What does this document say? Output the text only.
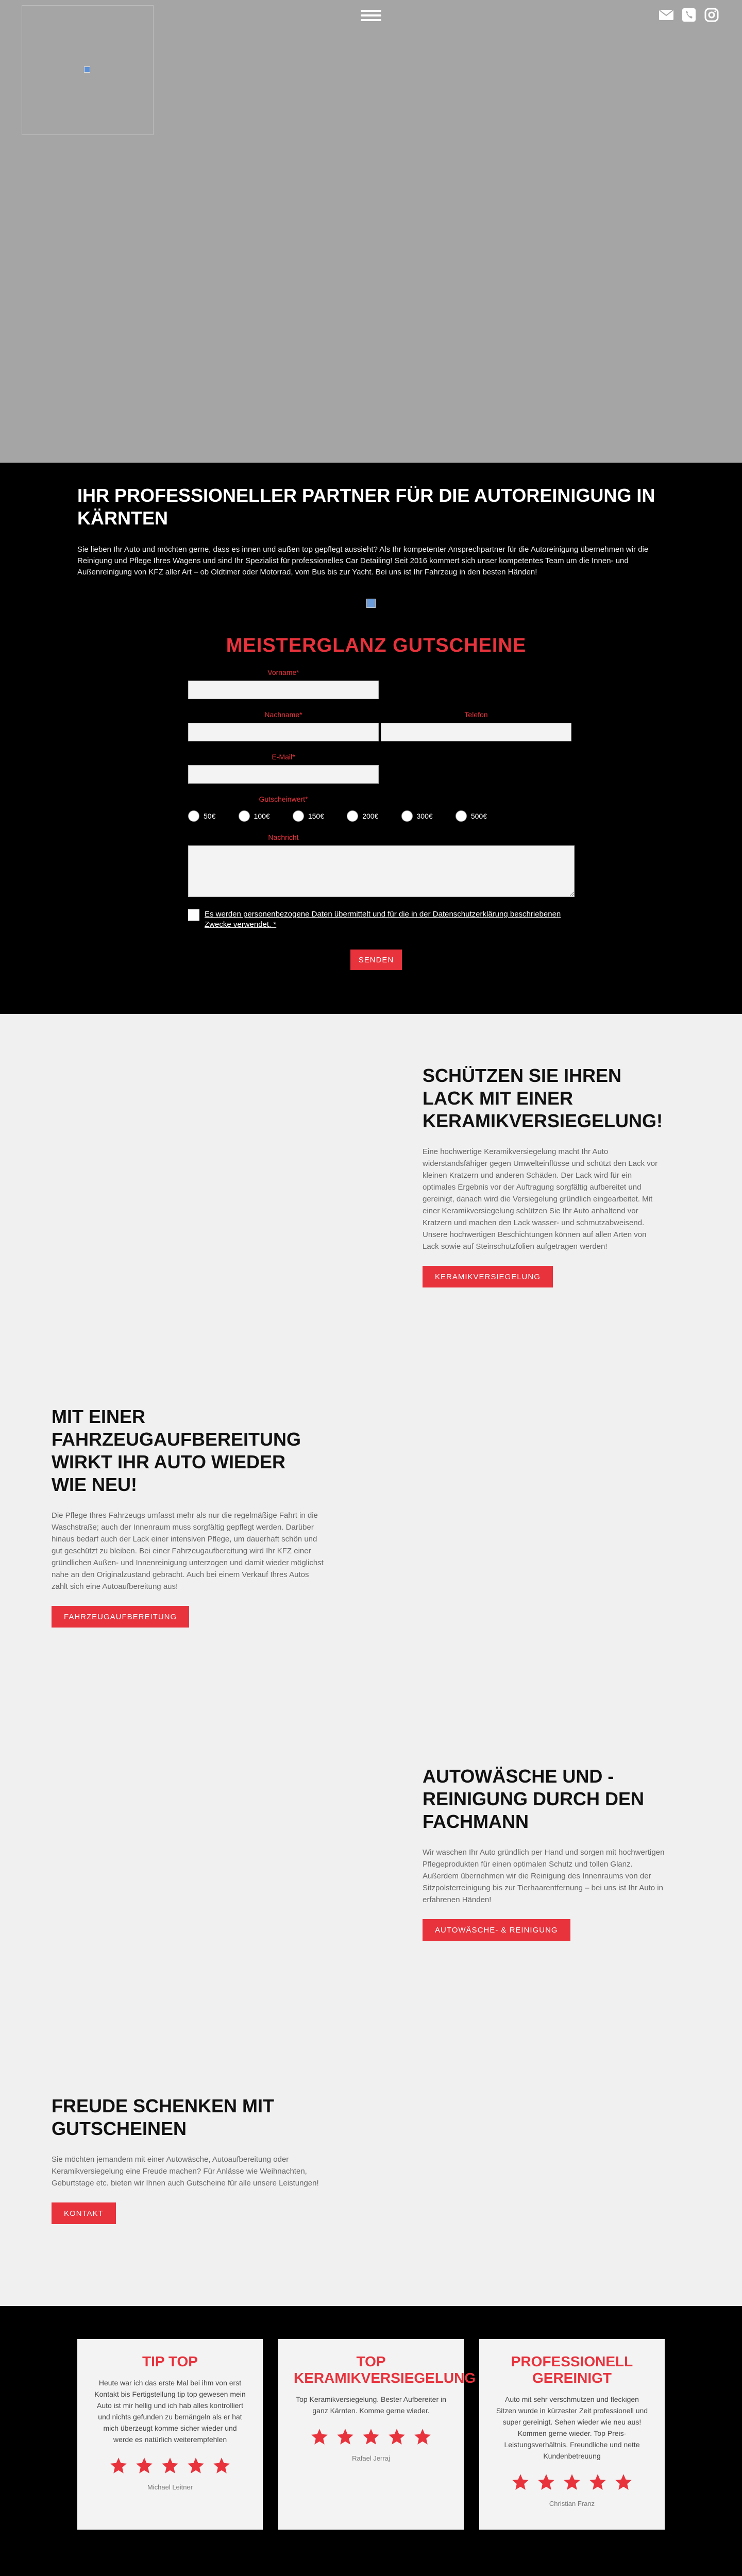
IHR PROFESSIONELLER PARTNER FÜR DIE AUTOREINIGUNG IN KÄRNTEN

Sie lieben Ihr Auto und möchten gerne, dass es innen und außen top gepflegt aussieht? Als Ihr kompetenter Ansprechpartner für die Autoreinigung übernehmen wir die Reinigung und Pflege Ihres Wagens und sind Ihr Spezialist für professionelles Car Detailing! Seit 2016 kommert sich unser kompetentes Team um die Innen- und Außenreinigung von KFZ aller Art – ob Oldtimer oder Motorrad, vom Bus bis zur Yacht. Bei uns ist Ihr Fahrzeug in den besten Händen!

MEISTERGLANZ GUTSCHEINE
Vorname*
Nachname*	Telefon
E-Mail*
Gutscheinwert*
50€	100€	150€	200€	300€	500€
Nachricht
Es werden personenbezogene Daten übermittelt und für die in der Datenschutzerklärung beschriebenen Zwecke verwendet. *
SENDEN
SCHÜTZEN SIE IHREN LACK MIT EINER KERAMIKVERSIEGELUNG!

Eine hochwertige Keramikversiegelung macht Ihr Auto widerstandsfähiger gegen Umwelteinflüsse und schützt den Lack vor kleinen Kratzern und anderen Schäden. Der Lack wird für ein optimales Ergebnis vor der Auftragung sorgfältig aufbereitet und gereinigt, danach wird die Versiegelung gründlich eingearbeitet. Mit einer Keramikversiegelung schützen Sie Ihr Auto anhaltend vor Kratzern und machen den Lack wasser- und schmutzabweisend. Unsere hochwertigen Beschichtungen können auf allen Arten von Lack sowie auf Steinschutzfolien aufgetragen werden!

KERAMIKVERSIEGELUNG
MIT EINER FAHRZEUGAUFBEREITUNG WIRKT IHR AUTO WIEDER WIE NEU!

Die Pflege Ihres Fahrzeugs umfasst mehr als nur die regelmäßige Fahrt in die Waschstraße; auch der Innenraum muss sorgfältig gepflegt werden. Darüber hinaus bedarf auch der Lack einer intensiven Pflege, um dauerhaft schön und gut geschützt zu bleiben. Bei einer Fahrzeugaufbereitung wird Ihr KFZ einer gründlichen Außen- und Innenreinigung unterzogen und damit wieder möglichst nahe an den Originalzustand gebracht. Auch bei einem Verkauf Ihres Autos zahlt sich eine Autoaufbereitung aus!

FAHRZEUGAUFBEREITUNG
AUTOWÄSCHE UND -REINIGUNG DURCH DEN FACHMANN

Wir waschen Ihr Auto gründlich per Hand und sorgen mit hochwertigen Pflegeprodukten für einen optimalen Schutz und tollen Glanz. Außerdem übernehmen wir die Reinigung des Innenraums von der Sitzpolsterreinigung bis zur Tierhaarentfernung – bei uns ist Ihr Auto in erfahrenen Händen!

AUTOWÄSCHE- & REINIGUNG
FREUDE SCHENKEN MIT GUTSCHEINEN

Sie möchten jemandem mit einer Autowäsche, Autoaufbereitung oder Keramikversiegelung eine Freude machen? Für Anlässe wie Weihnachten, Geburtstage etc. bieten wir Ihnen auch Gutscheine für alle unsere Leistungen!

KONTAKT
TIP TOP

Heute war ich das erste Mal bei ihm von erst Kontakt bis Fertigstellung tip top gewesen mein Auto ist mir hellig und ich hab alles kontrolliert und nichts gefunden zu bemängeln als er hat mich überzeugt komme sicher wieder und werde es natürlich weiterempfehlen

Michael Leitner
TOP KERAMIKVERSIEGELUNG

Top Keramikversiegelung. Bester Aufbereiter in ganz Kärnten. Komme gerne wieder.

Rafael Jerraj
PROFESSIONELL GEREINIGT

Auto mit sehr verschmutzen und fleckigen Sitzen wurde in kürzester Zeit professionell und super gereinigt. Sehen wieder wie neu aus! Kommen gerne wieder. Top Preis-Leistungsverhältnis. Freundliche und nette Kundenbetreuung

Christian Franz
